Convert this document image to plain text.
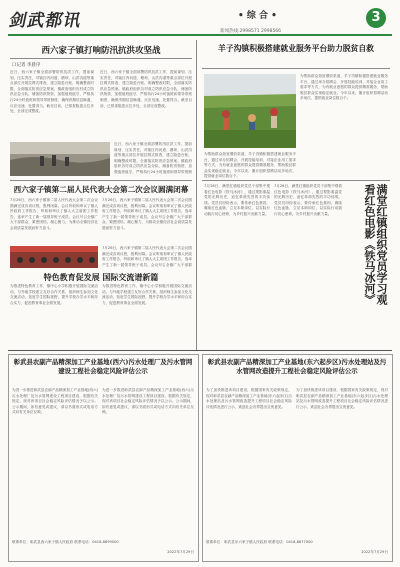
剑武都讯	• 综 合 •	3
新闻热线:2998571 2998566
西六家子镇打响防汛抗洪攻坚战
口记者 李晨序
近日，西六家子镇全面部署防汛抗洪工作，提前谋划、压实责任，对辖区内河道、塘坝、山洪沟道等重点部位开展拉网式排查，建立隐患台账，明确整改时限，全面落实防汛应急预案。镇政府组织各村成立防汛应急分队，储备防汛物资，加强值班值守，严格执行24小时值班和领导带班制度，确保汛期信息畅通、反应迅速、处置得当。截至目前，已排查隐患点位多处，全部完成整改。
近日，西六家子镇全面部署防汛抗洪工作，提前谋划、压实责任，对辖区内河道、塘坝、山洪沟道等重点部位开展拉网式排查，建立隐患台账，明确整改时限，全面落实防汛应急预案。镇政府组织各村成立防汛应急分队，储备防汛物资，加强值班值守，严格执行24小时值班和领导带班制度，确保汛期信息畅通、反应迅速、处置得当。截至目前，已排查隐患点位多处，全部完成整改。
近日，西六家子镇全面部署防汛抗洪工作，提前谋划、压实责任，对辖区内河道、塘坝、山洪沟道等重点部位开展拉网式排查，建立隐患台账，明确整改时限，全面落实防汛应急预案。镇政府组织各村成立防汛应急分队，储备防汛物资，加强值班值守，严格执行24小时值班和领导带班制
羊子沟镇积极搭建就业服务平台助力脱贫自救
为帮助群众拓宽增收渠道，羊子沟镇积极搭建就业服务平台，通过举办招聘会、开展技能培训、对接企业用工需求等方式，为有就业意愿的群众提供精准服务，帮助脱贫群众实现稳定就业。今年以来，累计组织招聘活动多场次，提供就业岗位数百个。
为帮助群众拓宽增收渠道，羊子沟镇积极搭建就业服务平台，通过举办招聘会、开展技能培训、对接企业用工需求等方式，为有就业意愿的群众提供精准服务，帮助脱贫群众实现稳定就业。今年以来，累计组织招聘活动多场次，提供就业岗位数百个。
西六家子镇第二届人民代表大会第二次会议圆满闭幕
7月26日，西六家子镇第二届人民代表大会第二次会议圆满完成各项议程，胜利闭幕。会议听取和审议了镇人民政府工作报告，听取和审议了镇人大主席团工作报告，选举产生了新一届领导班子成员。会议号召全镇广大干部群众，紧密团结，凝心聚力，为推动全镇经济社会高质量发展而努力奋斗。
7月26日，西六家子镇第二届人民代表大会第二次会议圆满完成各项议程，胜利闭幕。会议听取和审议了镇人民政府工作报告，听取和审议了镇人大主席团工作报告，选举产生了新一届领导班子成员。会议号召全镇广大干部群众，紧密团结，凝心聚力，为推动全镇经济社会高质量发展而努力奋斗。
7月26日，西六家子镇第二届人民代表大会第二次会议圆满完成各项议程，胜利闭幕。会议听取和审议了镇人民政府工作报告，听取和审议了镇人大主席团工作报告，选举产生了新一届领导班子成员。会议号召全镇广大干部群
特色教育促发展 国际交流谱新篇
为推进特色教育工作，镇中心小学积极开展国际交流活动，与外地学校建立友好合作关系，组织师生参加文化交流活动，拓宽学生国际视野，提升学校办学水平和综合实力，促进教育事业全面发展。
为推进特色教育工作，镇中心小学积极开展国际交流活动，与外地学校建立友好合作关系，组织师生参加文化交流活动，拓宽学生国际视野，提升学校办学水平和综合实力，促进教育事业全面发展。
7月26日，满堂红镇组织党员干部集中观看红色电影《铁马冰河》，通过观影重温党的光辉历史，追忆革命先烈的丰功伟绩。党员们纷纷表示，要传承红色基因，赓续红色血脉，立足本职岗位，以实际行动践行初心使命，为乡村振兴贡献力量。
7月26日，满堂红镇组织党员干部集中观看红色电影《铁马冰河》，通过观影重温党的光辉历史，追忆革命先烈的丰功伟绩。党员们纷纷表示，要传承红色基因，赓续红色血脉，立足本职岗位，以实际行动践行初心使命，为乡村振兴贡献力量。	满堂红镇组织党员学习观看红色电影《铁马冰河》
彰武县农副产品精深加工产业基地(西六)污水处理厂及污水管网建设工程社会稳定风险评估公示
为进一步推进彰武县农副产品精深加工产业基地(西六)污水处理厂及污水管网建设工程项目建设，根据有关规定，现对该项目社会稳定风险评估情况予以公示。公示期间，如有意见或建议，请以书面形式或电话方式向有关单位反映。
为进一步推进彰武县农副产品精深加工产业基地(西六)污水处理厂及污水管网建设工程项目建设，根据有关规定，现对该项目社会稳定风险评估情况予以公示。公示期间，如有意见或建议，请以书面形式或电话方式向有关单位反映。
联系单位：彰武县西六家子镇人民政府 联系电话：0418-8899000
2022年7月29日
彰武县农副产品精深加工产业基地(东六起步区)污水处理站及污水管网改造提升工程社会稳定风险评估公示
为了加快推进该项目建设，根据国家有关政策规定，现对彰武县农副产品精深加工产业基地(东六起步区)污水处理站及污水管网改造提升工程项目社会稳定风险评估情况进行公示，欢迎社会各界提出宝贵意见。
为了加快推进该项目建设，根据国家有关政策规定，现对彰武县农副产品精深加工产业基地(东六起步区)污水处理站及污水管网改造提升工程项目社会稳定风险评估情况进行公示，欢迎社会各界提出宝贵意见。
联系单位：彰武县东六家子镇人民政府 联系电话：0418-8877000
2022年7月29日
